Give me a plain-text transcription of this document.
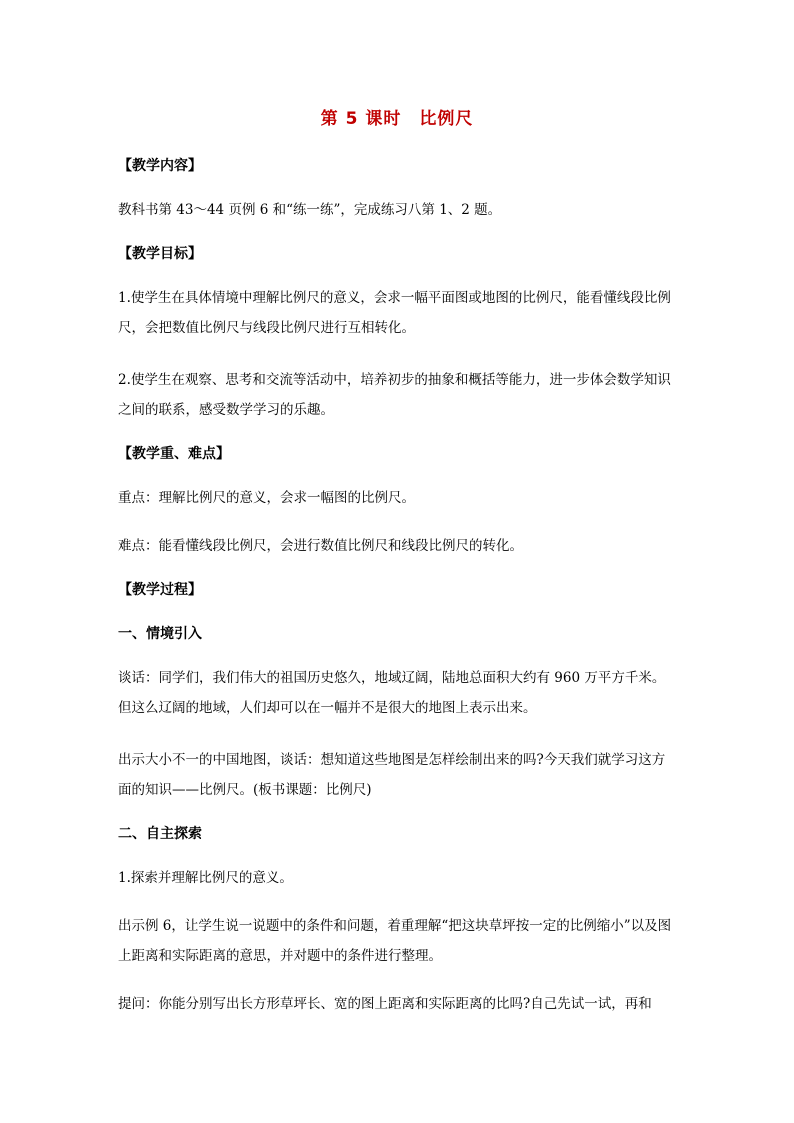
第 5 课时　比例尺

【教学内容】

教科书第 43～44 页例 6 和“练一练”，完成练习八第 1、2 题。

【教学目标】

1.使学生在具体情境中理解比例尺的意义，会求一幅平面图或地图的比例尺，能看懂线段比例尺，会把数值比例尺与线段比例尺进行互相转化。

2.使学生在观察、思考和交流等活动中，培养初步的抽象和概括等能力，进一步体会数学知识之间的联系，感受数学学习的乐趣。

【教学重、难点】

重点：理解比例尺的意义，会求一幅图的比例尺。

难点：能看懂线段比例尺，会进行数值比例尺和线段比例尺的转化。

【教学过程】

一、情境引入

谈话：同学们，我们伟大的祖国历史悠久，地域辽阔，陆地总面积大约有 960 万平方千米。但这么辽阔的地域，人们却可以在一幅并不是很大的地图上表示出来。

出示大小不一的中国地图，谈话：想知道这些地图是怎样绘制出来的吗?今天我们就学习这方面的知识——比例尺。(板书课题：比例尺)

二、自主探索

1.探索并理解比例尺的意义。

出示例 6，让学生说一说题中的条件和问题，着重理解“把这块草坪按一定的比例缩小”以及图上距离和实际距离的意思，并对题中的条件进行整理。

提问：你能分别写出长方形草坪长、宽的图上距离和实际距离的比吗?自己先试一试，再和
